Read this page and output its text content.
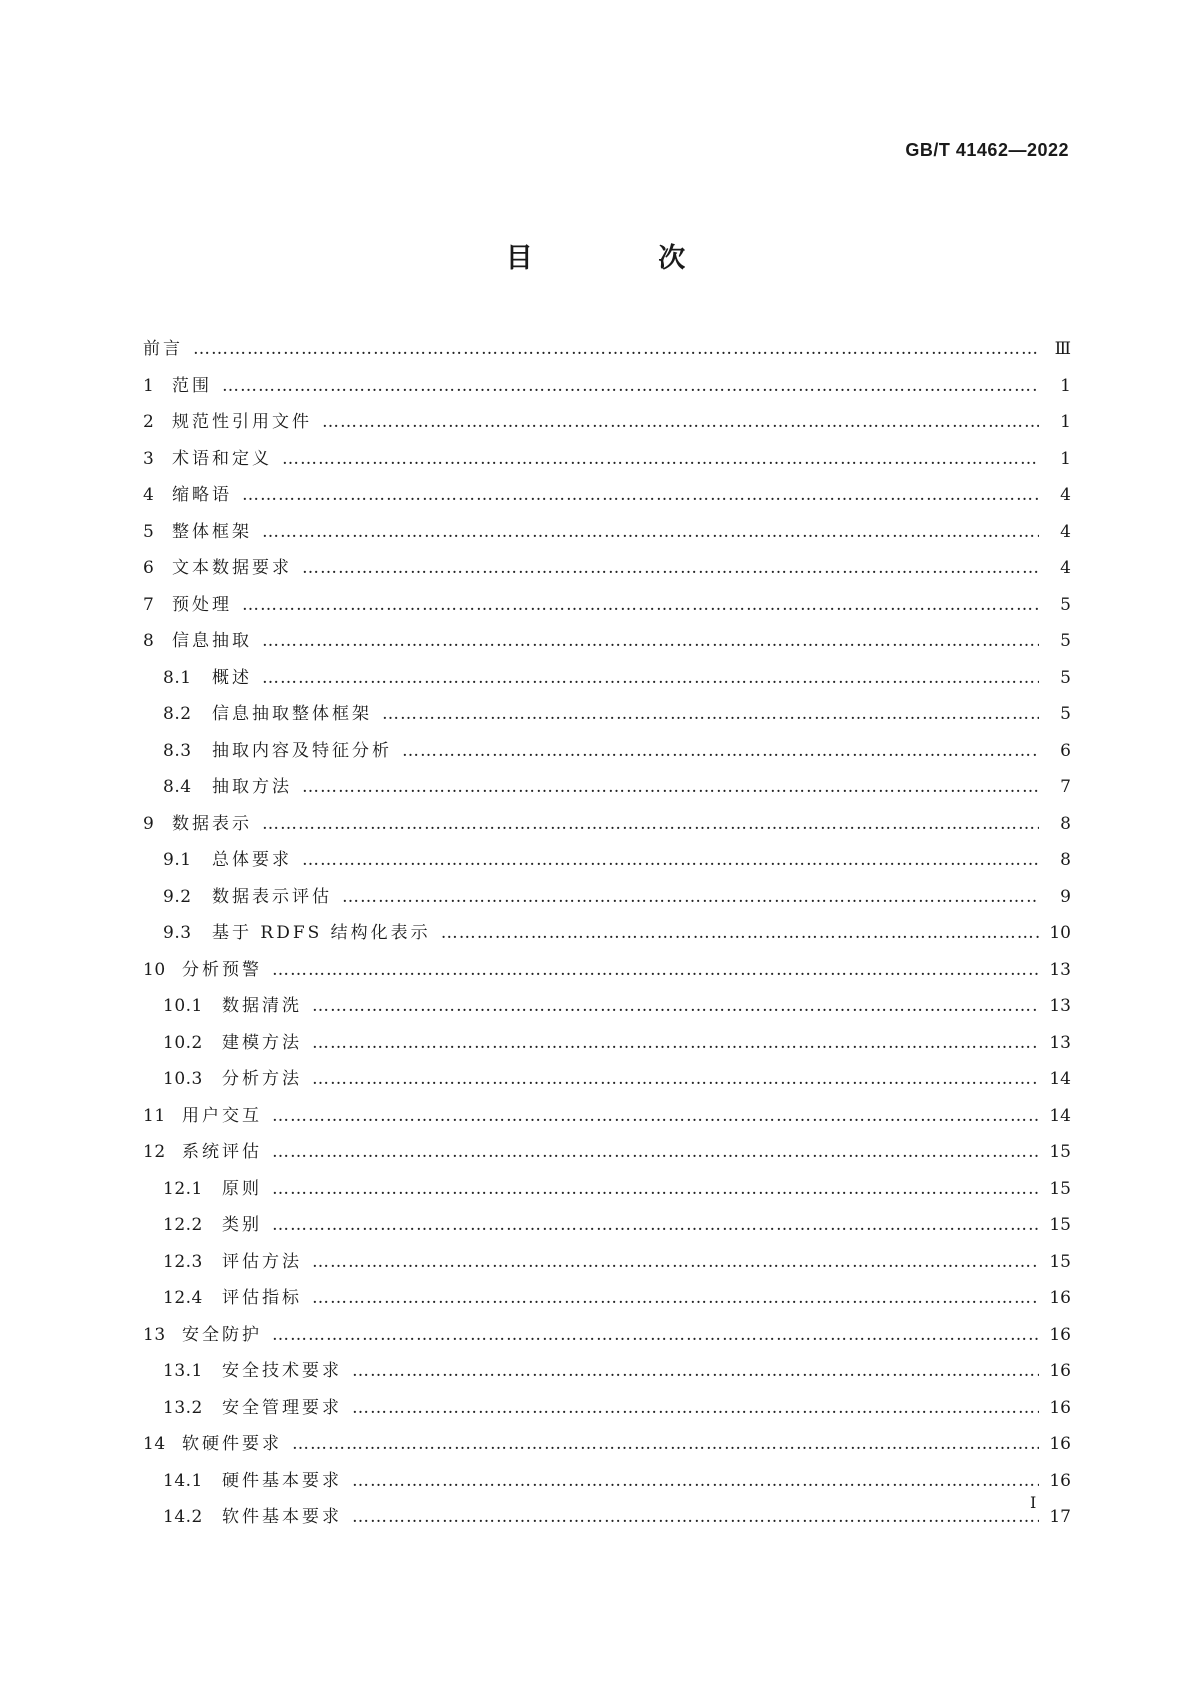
GB/T 41462—2022
目 次
前言 ……………………………………………………………………………………………………………………………………………………………………………………………………………………	Ⅲ
1	范围 ……………………………………………………………………………………………………………………………………………………………………………………………………………………	1
2	规范性引用文件 ……………………………………………………………………………………………………………………………………………………………………………………………………………………	1
3	术语和定义 ……………………………………………………………………………………………………………………………………………………………………………………………………………………	1
4	缩略语 ……………………………………………………………………………………………………………………………………………………………………………………………………………………	4
5	整体框架 ……………………………………………………………………………………………………………………………………………………………………………………………………………………	4
6	文本数据要求 ……………………………………………………………………………………………………………………………………………………………………………………………………………………	4
7	预处理 ……………………………………………………………………………………………………………………………………………………………………………………………………………………	5
8	信息抽取 ……………………………………………………………………………………………………………………………………………………………………………………………………………………	5
8.1	概述 ……………………………………………………………………………………………………………………………………………………………………………………………………………………	5
8.2	信息抽取整体框架 ……………………………………………………………………………………………………………………………………………………………………………………………………………………	5
8.3	抽取内容及特征分析 ……………………………………………………………………………………………………………………………………………………………………………………………………………………	6
8.4	抽取方法 ……………………………………………………………………………………………………………………………………………………………………………………………………………………	7
9	数据表示 ……………………………………………………………………………………………………………………………………………………………………………………………………………………	8
9.1	总体要求 ……………………………………………………………………………………………………………………………………………………………………………………………………………………	8
9.2	数据表示评估 ……………………………………………………………………………………………………………………………………………………………………………………………………………………	9
9.3	基于 RDFS 结构化表示 ……………………………………………………………………………………………………………………………………………………………………………………………………………………	10
10 分析预警 ……………………………………………………………………………………………………………………………………………………………………………………………………………………	13
10.1	数据清洗 ……………………………………………………………………………………………………………………………………………………………………………………………………………………	13
10.2	建模方法 ……………………………………………………………………………………………………………………………………………………………………………………………………………………	13
10.3	分析方法 ……………………………………………………………………………………………………………………………………………………………………………………………………………………	14
11 用户交互 ……………………………………………………………………………………………………………………………………………………………………………………………………………………	14
12 系统评估 ……………………………………………………………………………………………………………………………………………………………………………………………………………………	15
12.1	原则 ……………………………………………………………………………………………………………………………………………………………………………………………………………………	15
12.2	类别 ……………………………………………………………………………………………………………………………………………………………………………………………………………………	15
12.3	评估方法 ……………………………………………………………………………………………………………………………………………………………………………………………………………………	15
12.4	评估指标 ……………………………………………………………………………………………………………………………………………………………………………………………………………………	16
13 安全防护 ……………………………………………………………………………………………………………………………………………………………………………………………………………………	16
13.1	安全技术要求 ……………………………………………………………………………………………………………………………………………………………………………………………………………………	16
13.2	安全管理要求 ……………………………………………………………………………………………………………………………………………………………………………………………………………………	16
14 软硬件要求 ……………………………………………………………………………………………………………………………………………………………………………………………………………………	16
14.1	硬件基本要求 ……………………………………………………………………………………………………………………………………………………………………………………………………………………	16
14.2	软件基本要求 ……………………………………………………………………………………………………………………………………………………………………………………………………………………	17
I
